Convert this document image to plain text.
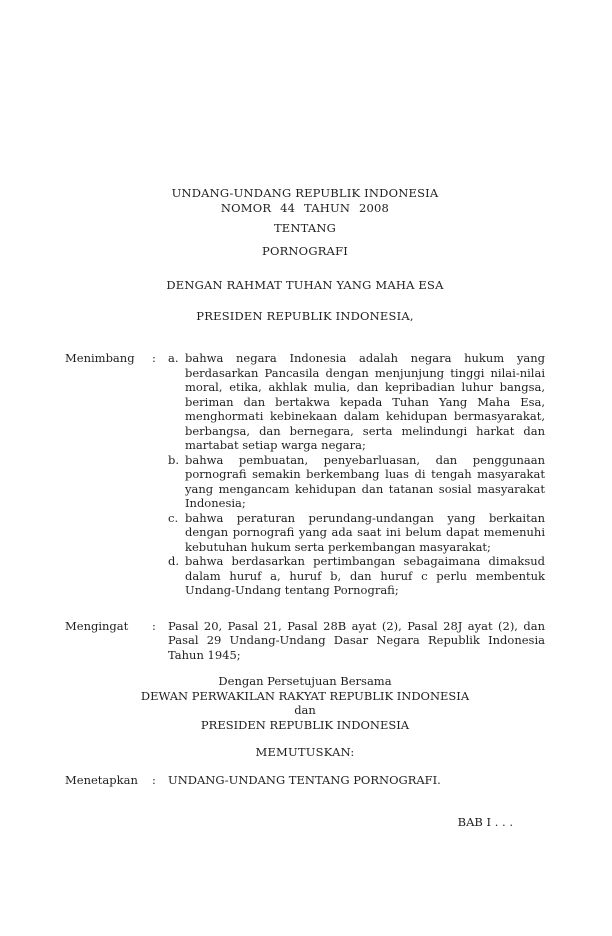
UNDANG-UNDANG REPUBLIK INDONESIA
NOMOR 44 TAHUN 2008
TENTANG
PORNOGRAFI
DENGAN RAHMAT TUHAN YANG MAHA ESA
PRESIDEN REPUBLIK INDONESIA,
Menimbang	:	a. bahwa negara Indonesia adalah negara hukum yang berdasarkan Pancasila dengan menjunjung tinggi nilai-nilai moral, etika, akhlak mulia, dan kepribadian luhur bangsa, beriman dan bertakwa kepada Tuhan Yang Maha Esa, menghormati kebinekaan dalam kehidupan bermasyarakat, berbangsa, dan bernegara, serta melindungi harkat dan martabat setiap warga negara;
b. bahwa pembuatan, penyebarluasan, dan penggunaan pornografi semakin berkembang luas di tengah masyarakat yang mengancam kehidupan dan tatanan sosial masyarakat Indonesia;
c. bahwa peraturan perundang-undangan yang berkaitan dengan pornografi yang ada saat ini belum dapat memenuhi kebutuhan hukum serta perkembangan masyarakat;
d. bahwa berdasarkan pertimbangan sebagaimana dimaksud dalam huruf a, huruf b, dan huruf c perlu membentuk Undang-Undang tentang Pornografi;
Mengingat	:	Pasal 20, Pasal 21, Pasal 28B ayat (2), Pasal 28J ayat (2), dan Pasal 29 Undang-Undang Dasar Negara Republik Indonesia Tahun 1945;
Dengan Persetujuan Bersama
DEWAN PERWAKILAN RAKYAT REPUBLIK INDONESIA
dan
PRESIDEN REPUBLIK INDONESIA
MEMUTUSKAN:
Menetapkan	:	UNDANG-UNDANG TENTANG PORNOGRAFI.
BAB I . . .
